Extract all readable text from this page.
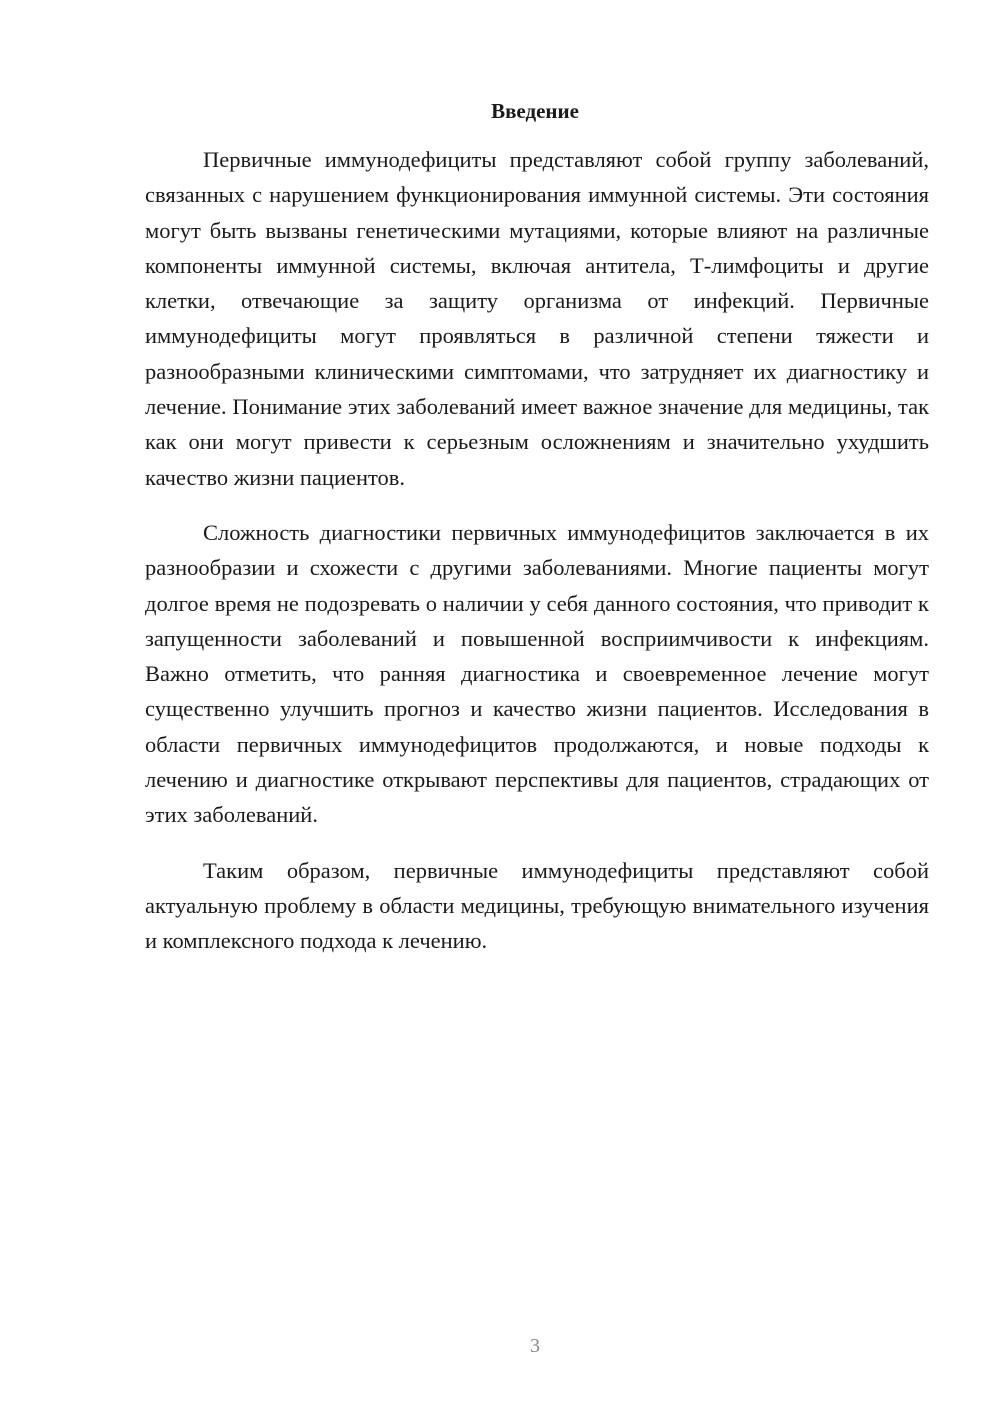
Введение

Первичные иммунодефициты представляют собой группу заболеваний, связанных с нарушением функционирования иммунной системы. Эти состояния могут быть вызваны генетическими мутациями, которые влияют на различные компоненты иммунной системы, включая антитела, Т-лимфоциты и другие клетки, отвечающие за защиту организма от инфекций. Первичные иммунодефициты могут проявляться в различной степени тяжести и разнообразными клиническими симптомами, что затрудняет их диагностику и лечение. Понимание этих заболеваний имеет важное значение для медицины, так как они могут привести к серьезным осложнениям и значительно ухудшить качество жизни пациентов.

Сложность диагностики первичных иммунодефицитов заключается в их разнообразии и схожести с другими заболеваниями. Многие пациенты могут долгое время не подозревать о наличии у себя данного состояния, что приводит к запущенности заболеваний и повышенной восприимчивости к инфекциям. Важно отметить, что ранняя диагностика и своевременное лечение могут существенно улучшить прогноз и качество жизни пациентов. Исследования в области первичных иммунодефицитов продолжаются, и новые подходы к лечению и диагностике открывают перспективы для пациентов, страдающих от этих заболеваний.

Таким образом, первичные иммунодефициты представляют собой актуальную проблему в области медицины, требующую внимательного изучения и комплексного подхода к лечению.

3
